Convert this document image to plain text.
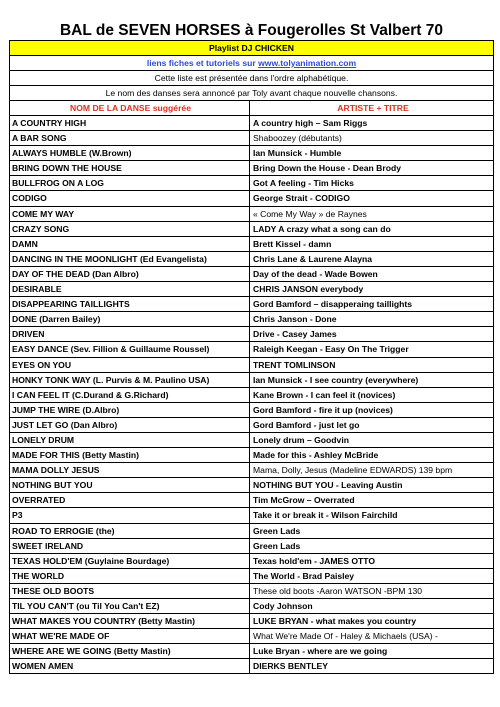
BAL de SEVEN HORSES à Fougerolles St Valbert 70
Playlist DJ CHICKEN
liens fiches et tutoriels sur www.tolyanimation.com
Cette liste est présentée dans l'ordre alphabétique.
Le nom des danses sera annoncé par Toly avant chaque nouvelle chansons.
NOM DE LA DANSE suggérée	ARTISTE + TITRE
A COUNTRY HIGH	A country high – Sam Riggs
A BAR SONG	Shaboozey (débutants)
ALWAYS HUMBLE (W.Brown)	Ian Munsick - Humble
BRING DOWN THE HOUSE	Bring Down the House - Dean Brody
BULLFROG ON A LOG	Got A feeling - Tim Hicks
CODIGO	George Strait - CODIGO
COME MY WAY	« Come My Way » de Raynes
CRAZY SONG	LADY A crazy what a song can do
DAMN	Brett Kissel - damn
DANCING IN THE MOONLIGHT (Ed Evangelista)	Chris Lane & Laurene Alayna
DAY OF THE DEAD (Dan Albro)	Day of the dead - Wade Bowen
DESIRABLE	CHRIS JANSON everybody
DISAPPEARING TAILLIGHTS	Gord Bamford – disapperaing taillights
DONE (Darren Bailey)	Chris Janson - Done
DRIVEN	Drive - Casey James
EASY DANCE (Sev. Fillion & Guillaume Roussel)	Raleigh Keegan - Easy On The Trigger
EYES ON YOU	TRENT TOMLINSON
HONKY TONK WAY (L. Purvis & M. Paulino USA)	Ian Munsick - I see country (everywhere)
I CAN FEEL IT (C.Durand & G.Richard)	Kane Brown - I can feel it (novices)
JUMP THE WIRE (D.Albro)	Gord Bamford - fire it up (novices)
JUST LET GO (Dan Albro)	Gord Bamford - just let go
LONELY DRUM	Lonely drum – Goodvin
MADE FOR THIS (Betty Mastin)	Made for this - Ashley McBride
MAMA DOLLY JESUS	Mama, Dolly, Jesus (Madeline EDWARDS) 139 bpm
NOTHING BUT YOU	NOTHING BUT YOU - Leaving Austin
OVERRATED	Tim McGrow – Overrated
P3	Take it or break it - Wilson Fairchild
ROAD TO ERROGIE (the)	Green Lads
SWEET IRELAND	Green Lads
TEXAS HOLD'EM (Guylaine Bourdage)	Texas hold'em - JAMES OTTO
THE WORLD	The World - Brad Paisley
THESE OLD BOOTS	These old boots -Aaron WATSON -BPM 130
TIL YOU CAN'T (ou Til You Can't EZ)	Cody Johnson
WHAT MAKES YOU COUNTRY (Betty Mastin)	LUKE BRYAN - what makes you country
WHAT WE'RE MADE OF	What We're Made Of - Haley & Michaels (USA) -
WHERE ARE WE GOING (Betty Mastin)	Luke Bryan - where are we going
WOMEN AMEN	DIERKS BENTLEY
